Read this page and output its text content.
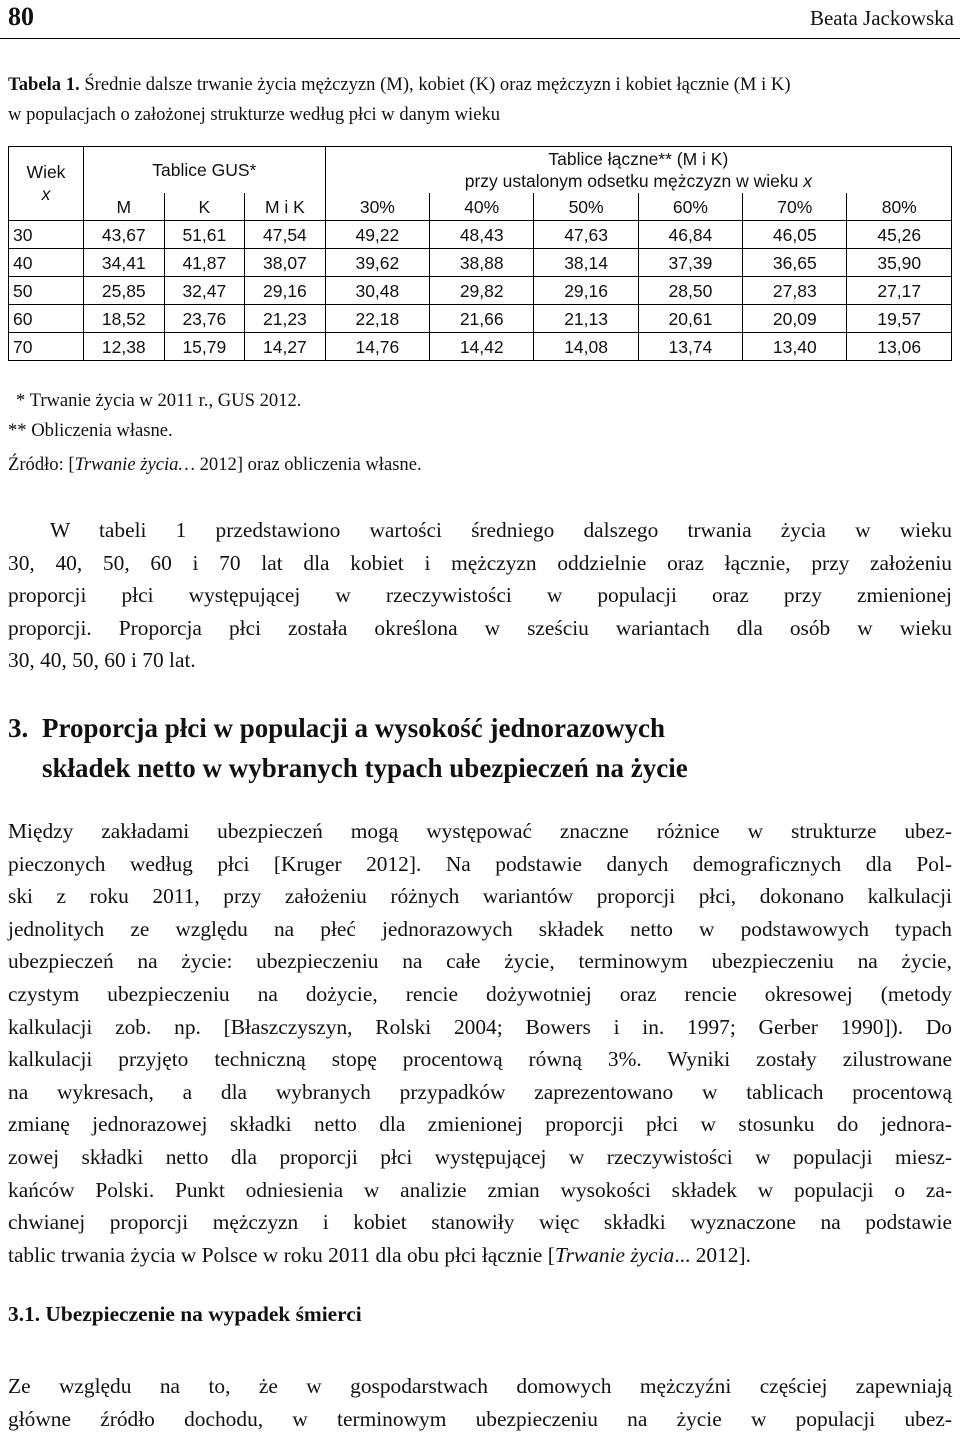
80	Beata Jackowska
Tabela 1. Średnie dalsze trwanie życia mężczyzn (M), kobiet (K) oraz mężczyzn i kobiet łącznie (M i K)
w populacjach o założonej strukturze według płci w danym wieku
Wiek
x	Tablice GUS*			Tablice łączne** (M i K)
przy ustalonym odsetku mężczyzn w wieku x					
	M	K	M i K	30%	40%	50%	60%	70%	80%
30	43,67	51,61	47,54	49,22	48,43	47,63	46,84	46,05	45,26
40	34,41	41,87	38,07	39,62	38,88	38,14	37,39	36,65	35,90
50	25,85	32,47	29,16	30,48	29,82	29,16	28,50	27,83	27,17
60	18,52	23,76	21,23	22,18	21,66	21,13	20,61	20,09	19,57
70	12,38	15,79	14,27	14,76	14,42	14,08	13,74	13,40	13,06
* Trwanie życia w 2011 r., GUS 2012.
** Obliczenia własne.
Źródło: [Trwanie życia… 2012] oraz obliczenia własne.

W tabeli 1 przedstawiono wartości średniego dalszego trwania życia w wieku
30, 40, 50, 60 i 70 lat dla kobiet i mężczyzn oddzielnie oraz łącznie, przy założeniu
proporcji płci występującej w rzeczywistości w populacji oraz przy zmienionej
proporcji. Proporcja płci została określona w sześciu wariantach dla osób w wieku
30, 40, 50, 60 i 70 lat.

3. Proporcja płci w populacji a wysokość jednorazowych
składek netto w wybranych typach ubezpieczeń na życie

Między zakładami ubezpieczeń mogą występować znaczne różnice w strukturze ubez-
pieczonych według płci [Kruger 2012]. Na podstawie danych demograficznych dla Pol-
ski z roku 2011, przy założeniu różnych wariantów proporcji płci, dokonano kalkulacji
jednolitych ze względu na płeć jednorazowych składek netto w podstawowych typach
ubezpieczeń na życie: ubezpieczeniu na całe życie, terminowym ubezpieczeniu na życie,
czystym ubezpieczeniu na dożycie, rencie dożywotniej oraz rencie okresowej (metody
kalkulacji zob. np. [Błaszczyszyn, Rolski 2004; Bowers i in. 1997; Gerber 1990]). Do
kalkulacji przyjęto techniczną stopę procentową równą 3%. Wyniki zostały zilustrowane
na wykresach, a dla wybranych przypadków zaprezentowano w tablicach procentową
zmianę jednorazowej składki netto dla zmienionej proporcji płci w stosunku do jednora-
zowej składki netto dla proporcji płci występującej w rzeczywistości w populacji miesz-
kańców Polski. Punkt odniesienia w analizie zmian wysokości składek w populacji o za-
chwianej proporcji mężczyzn i kobiet stanowiły więc składki wyznaczone na podstawie
tablic trwania życia w Polsce w roku 2011 dla obu płci łącznie [Trwanie życia... 2012].

3.1. Ubezpieczenie na wypadek śmierci

Ze względu na to, że w gospodarstwach domowych mężczyźni częściej zapewniają
główne źródło dochodu, w terminowym ubezpieczeniu na życie w populacji ubez-
